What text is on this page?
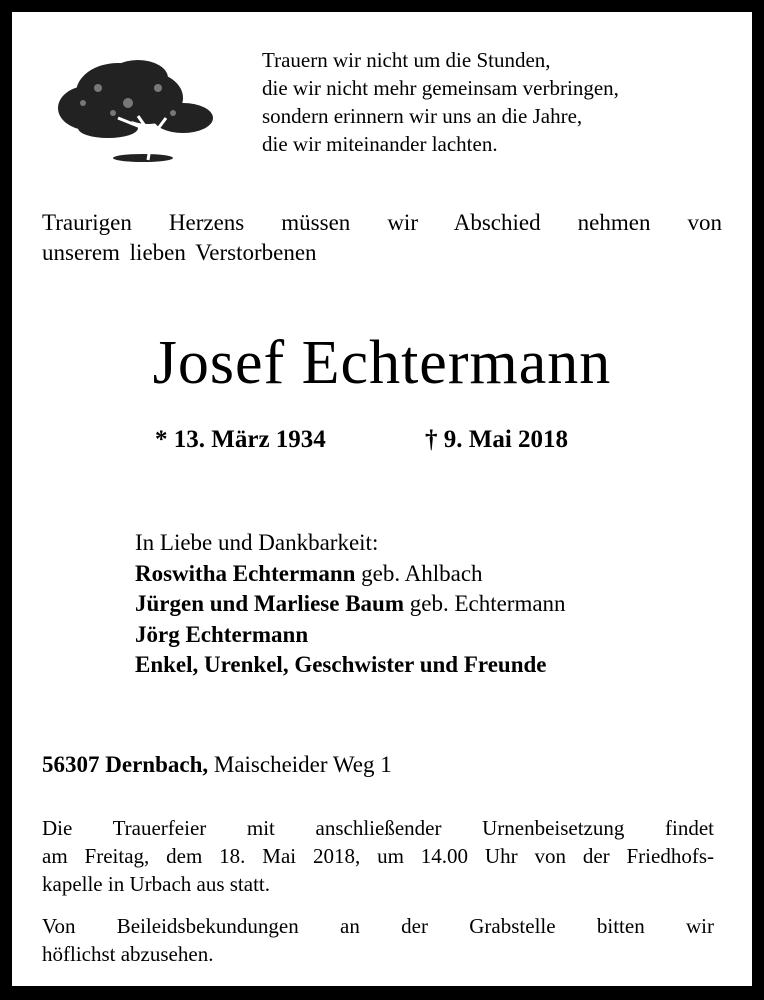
Trauern wir nicht um die Stunden,
die wir nicht mehr gemeinsam verbringen,
sondern erinnern wir uns an die Jahre,
die wir miteinander lachten.
Traurigen Herzens müssen wir Abschied nehmen von
unserem lieben Verstorbenen
Josef Echtermann
* 13. März 1934	† 9. Mai 2018
In Liebe und Dankbarkeit:
Roswitha Echtermann geb. Ahlbach
Jürgen und Marliese Baum geb. Echtermann
Jörg Echtermann
Enkel, Urenkel, Geschwister und Freunde
56307 Dernbach, Maischeider Weg 1
Die Trauerfeier mit anschließender Urnenbeisetzung findet
am Freitag, dem 18. Mai 2018, um 14.00 Uhr von der Friedhofs-
kapelle in Urbach aus statt.
Von Beileidsbekundungen an der Grabstelle bitten wir
höflichst abzusehen.
